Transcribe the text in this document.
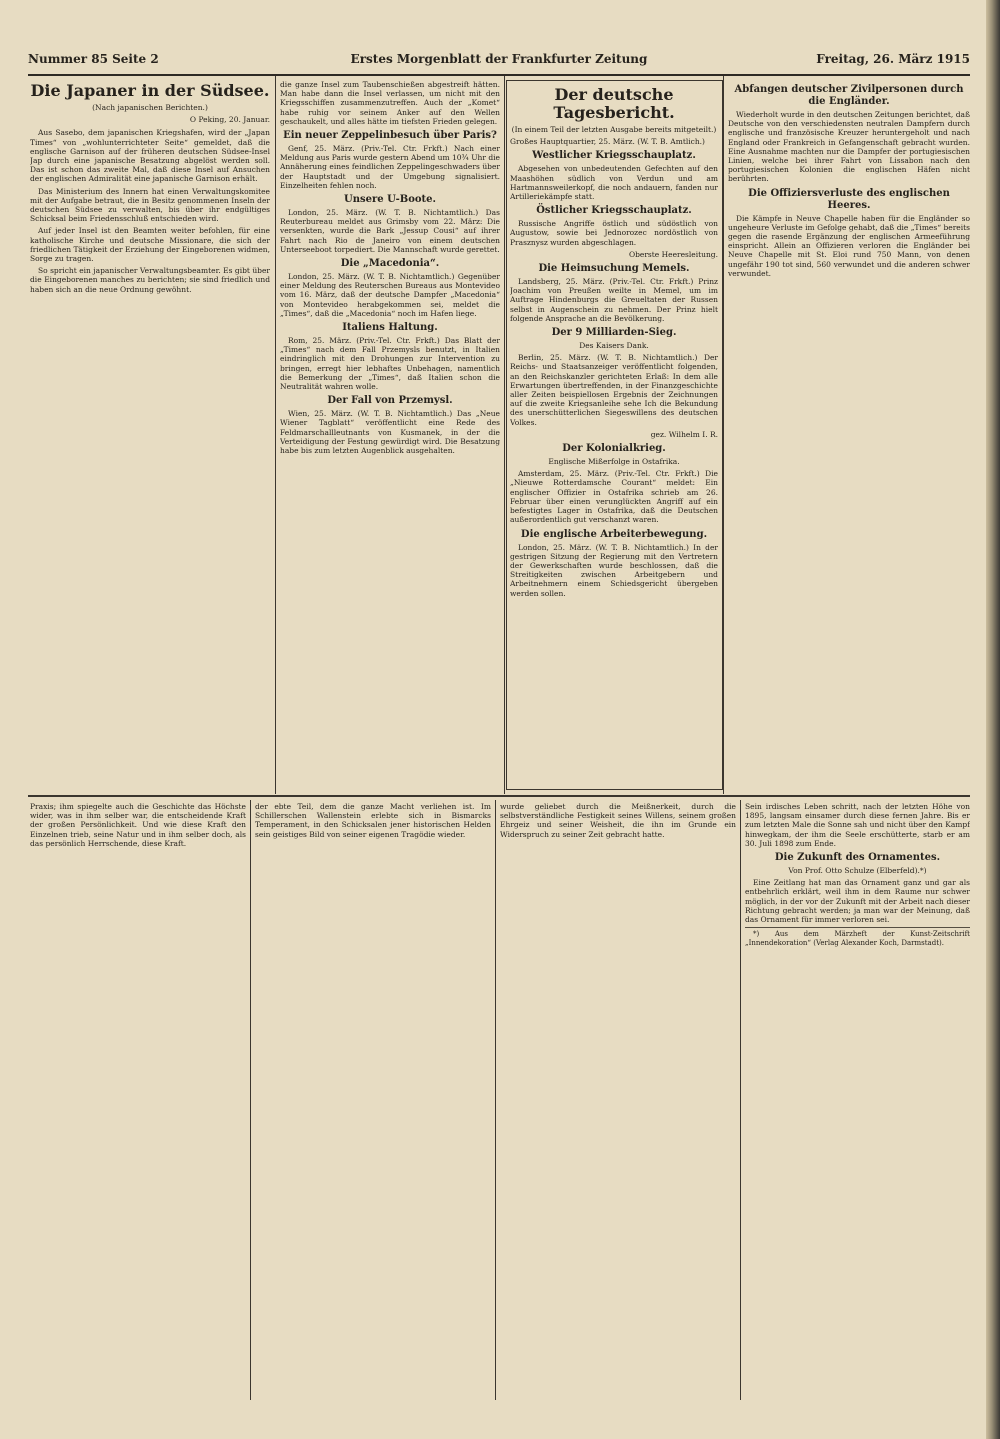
Nummer 85 Seite 2	Erstes Morgenblatt der Frankfurter Zeitung	Freitag, 26. März 1915
Die Japaner in der Südsee.

(Nach japanischen Berichten.)

O Peking, 20. Januar.

Aus Sasebo, dem japanischen Kriegshafen, wird der „Japan Times“ von „wohlunterrichteter Seite“ gemeldet, daß die englische Garnison auf der früheren deutschen Südsee-Insel Jap durch eine japanische Besatzung abgelöst werden soll. Das ist schon das zweite Mal, daß diese Insel auf Ansuchen der englischen Admiralität eine japanische Garnison erhält.

Das Ministerium des Innern hat einen Verwaltungskomitee mit der Aufgabe betraut, die in Besitz genommenen Inseln der deutschen Südsee zu verwalten, bis über ihr endgültiges Schicksal beim Friedensschluß entschieden wird.

Auf jeder Insel ist den Beamten weiter befohlen, für eine katholische Kirche und deutsche Missionare, die sich der friedlichen Tätigkeit der Erziehung der Eingeborenen widmen, Sorge zu tragen.

So spricht ein japanischer Verwaltungsbeamter. Es gibt über die Eingeborenen manches zu berichten; sie sind friedlich und haben sich an die neue Ordnung gewöhnt.

die ganze Insel zum Taubenschießen abgestreift hätten. Man habe dann die Insel verlassen, um nicht mit den Kriegsschiffen zusammenzutreffen. Auch der „Komet“ habe ruhig vor seinem Anker auf den Wellen geschaukelt, und alles hätte im tiefsten Frieden gelegen.

Ein neuer Zeppelinbesuch über Paris?

Genf, 25. März. (Priv.-Tel. Ctr. Frkft.) Nach einer Meldung aus Paris wurde gestern Abend um 10¾ Uhr die Annäherung eines feindlichen Zeppelingeschwaders über der Hauptstadt und der Umgebung signalisiert. Einzelheiten fehlen noch.

Unsere U-Boote.

London, 25. März. (W. T. B. Nichtamtlich.) Das Reuterbureau meldet aus Grimsby vom 22. März: Die versenkten, wurde die Bark „Jessup Cousi“ auf ihrer Fahrt nach Rio de Janeiro von einem deutschen Unterseeboot torpediert. Die Mannschaft wurde gerettet.

Die „Macedonia“.

London, 25. März. (W. T. B. Nichtamtlich.) Gegenüber einer Meldung des Reuterschen Bureaus aus Montevideo vom 16. März, daß der deutsche Dampfer „Macedonia“ von Montevideo herabgekommen sei, meldet die „Times“, daß die „Macedonia“ noch im Hafen liege.

Italiens Haltung.

Rom, 25. März. (Priv.-Tel. Ctr. Frkft.) Das Blatt der „Times“ nach dem Fall Przemysls benutzt, in Italien eindringlich mit den Drohungen zur Intervention zu bringen, erregt hier lebhaftes Unbehagen, namentlich die Bemerkung der „Times“, daß Italien schon die Neutralität wahren wolle.

Der Fall von Przemysl.

Wien, 25. März. (W. T. B. Nichtamtlich.) Das „Neue Wiener Tagblatt“ veröffentlicht eine Rede des Feldmarschallleutnants von Kusmanek, in der die Verteidigung der Festung gewürdigt wird. Die Besatzung habe bis zum letzten Augenblick ausgehalten.

Der deutsche Tagesbericht.

(In einem Teil der letzten Ausgabe bereits mitgeteilt.)

Großes Hauptquartier, 25. März. (W. T. B. Amtlich.)

Westlicher Kriegsschauplatz.

Abgesehen von unbedeutenden Gefechten auf den Maashöhen südlich von Verdun und am Hartmannsweilerkopf, die noch andauern, fanden nur Artilleriekämpfe statt.

Östlicher Kriegsschauplatz.

Russische Angriffe östlich und südöstlich von Augustow, sowie bei Jednorozec nordöstlich von Prasznysz wurden abgeschlagen.

Oberste Heeresleitung.

Die Heimsuchung Memels.

Landsberg, 25. März. (Priv.-Tel. Ctr. Frkft.) Prinz Joachim von Preußen weilte in Memel, um im Auftrage Hindenburgs die Greueltaten der Russen selbst in Augenschein zu nehmen. Der Prinz hielt folgende Ansprache an die Bevölkerung.

Der 9 Milliarden-Sieg.

Des Kaisers Dank.

Berlin, 25. März. (W. T. B. Nichtamtlich.) Der Reichs- und Staatsanzeiger veröffentlicht folgenden, an den Reichskanzler gerichteten Erlaß: In dem alle Erwartungen übertreffenden, in der Finanzgeschichte aller Zeiten beispiellosen Ergebnis der Zeichnungen auf die zweite Kriegsanleihe sehe Ich die Bekundung des unerschütterlichen Siegeswillens des deutschen Volkes.

gez. Wilhelm I. R.

Der Kolonialkrieg.

Englische Mißerfolge in Ostafrika.

Amsterdam, 25. März. (Priv.-Tel. Ctr. Frkft.) Die „Nieuwe Rotterdamsche Courant“ meldet: Ein englischer Offizier in Ostafrika schrieb am 26. Februar über einen verunglückten Angriff auf ein befestigtes Lager in Ostafrika, daß die Deutschen außerordentlich gut verschanzt waren.

Die englische Arbeiterbewegung.

London, 25. März. (W. T. B. Nichtamtlich.) In der gestrigen Sitzung der Regierung mit den Vertretern der Gewerkschaften wurde beschlossen, daß die Streitigkeiten zwischen Arbeitgebern und Arbeitnehmern einem Schiedsgericht übergeben werden sollen.

Abfangen deutscher Zivilpersonen durch die Engländer.

Wiederholt wurde in den deutschen Zeitungen berichtet, daß Deutsche von den verschiedensten neutralen Dampfern durch englische und französische Kreuzer heruntergeholt und nach England oder Frankreich in Gefangenschaft gebracht wurden. Eine Ausnahme machten nur die Dampfer der portugiesischen Linien, welche bei ihrer Fahrt von Lissabon nach den portugiesischen Kolonien die englischen Häfen nicht berührten.

Die Offiziersverluste des englischen Heeres.

Die Kämpfe in Neuve Chapelle haben für die Engländer so ungeheure Verluste im Gefolge gehabt, daß die „Times“ bereits gegen die rasende Ergänzung der englischen Armeeführung einspricht. Allein an Offizieren verloren die Engländer bei Neuve Chapelle mit St. Eloi rund 750 Mann, von denen ungefähr 190 tot sind, 560 verwundet und die anderen schwer verwundet.

Praxis; ihm spiegelte auch die Geschichte das Höchste wider, was in ihm selber war, die entscheidende Kraft der großen Persönlichkeit. Und wie diese Kraft den Einzelnen trieb, seine Natur und in ihm selber doch, als das persönlich Herrschende, diese Kraft.

der ebte Teil, dem die ganze Macht verliehen ist. Im Schillerschen Wallenstein erlebte sich in Bismarcks Temperament, in den Schicksalen jener historischen Helden sein geistiges Bild von seiner eigenen Tragödie wieder.

wurde geliebet durch die Meißnerkeit, durch die selbstverständliche Festigkeit seines Willens, seinem großen Ehrgeiz und seiner Weisheit, die ihn im Grunde ein Widerspruch zu seiner Zeit gebracht hatte.

Sein irdisches Leben schritt, nach der letzten Höhe von 1895, langsam einsamer durch diese fernen Jahre. Bis er zum letzten Male die Sonne sah und nicht über den Kampf hinwegkam, der ihm die Seele erschütterte, starb er am 30. Juli 1898 zum Ende.

Die Zukunft des Ornamentes.

Von Prof. Otto Schulze (Elberfeld).*)

Eine Zeitlang hat man das Ornament ganz und gar als entbehrlich erklärt, weil ihm in dem Raume nur schwer möglich, in der vor der Zukunft mit der Arbeit nach dieser Richtung gebracht werden; ja man war der Meinung, daß das Ornament für immer verloren sei.

*) Aus dem Märzheft der Kunst-Zeitschrift „Innendekoration“ (Verlag Alexander Koch, Darmstadt).
